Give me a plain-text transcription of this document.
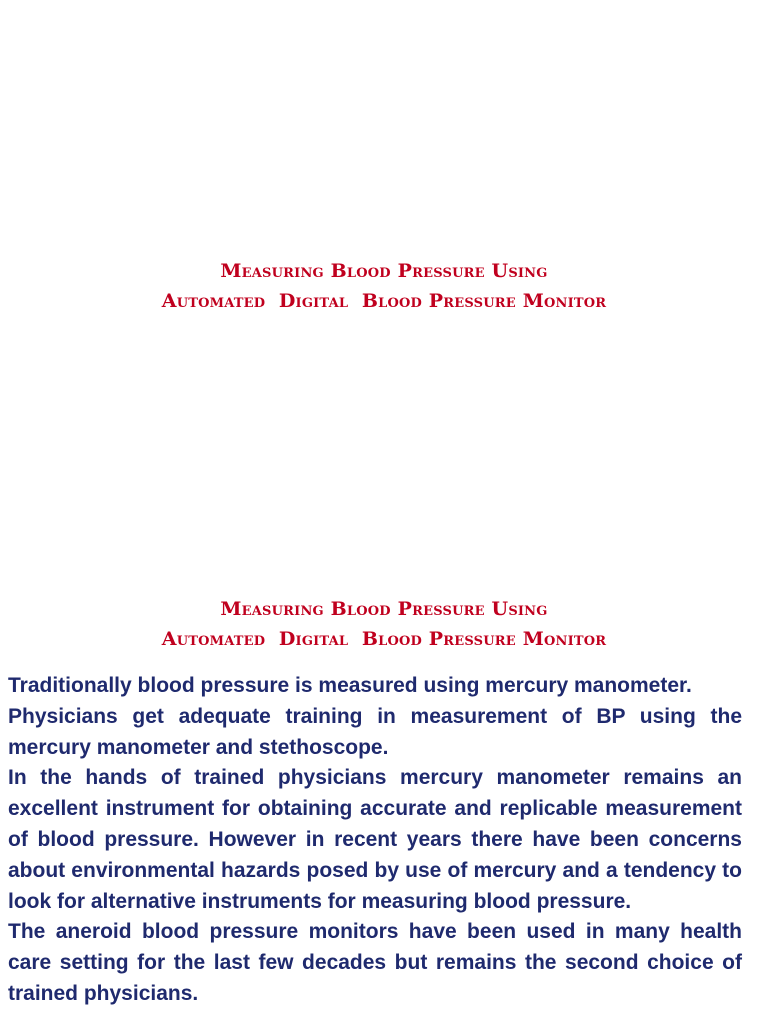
Measuring Blood Pressure Using
Automated  Digital  Blood Pressure Monitor
Measuring Blood Pressure Using
Automated  Digital  Blood Pressure Monitor

Traditionally blood pressure is measured using mercury manometer.

Physicians get adequate training in measurement of BP using the mercury manometer and stethoscope.

In the hands of trained physicians mercury manometer remains an excellent instrument for obtaining accurate and replicable measurement of blood pressure. However in recent years there have been concerns about environmental hazards posed by use of mercury and a tendency to look for alternative instruments for measuring blood pressure.

The aneroid blood pressure monitors have been used in many health care setting for the last few decades but remains the second choice of trained physicians.
